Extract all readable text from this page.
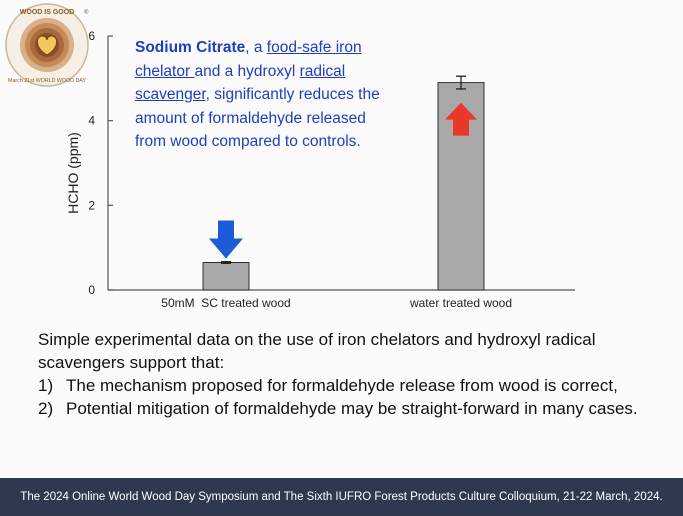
0
2
4
6
HCHO (ppm)
50mM  SC treated wood	water treated wood
WOOD IS GOOD
March 21st WORLD WOOD DAY
®
Sodium Citrate, a food-safe iron chelator and a hydroxyl radical scavenger, significantly reduces the amount of formaldehyde released from wood compared to controls.
Simple experimental data on the use of iron chelators and hydroxyl radical scavengers support that:
1) The mechanism proposed for formaldehyde release from wood is correct,
2) Potential mitigation of formaldehyde may be straight-forward in many cases.
The 2024 Online World Wood Day Symposium and The Sixth IUFRO Forest Products Culture Colloquium, 21-22 March, 2024.
